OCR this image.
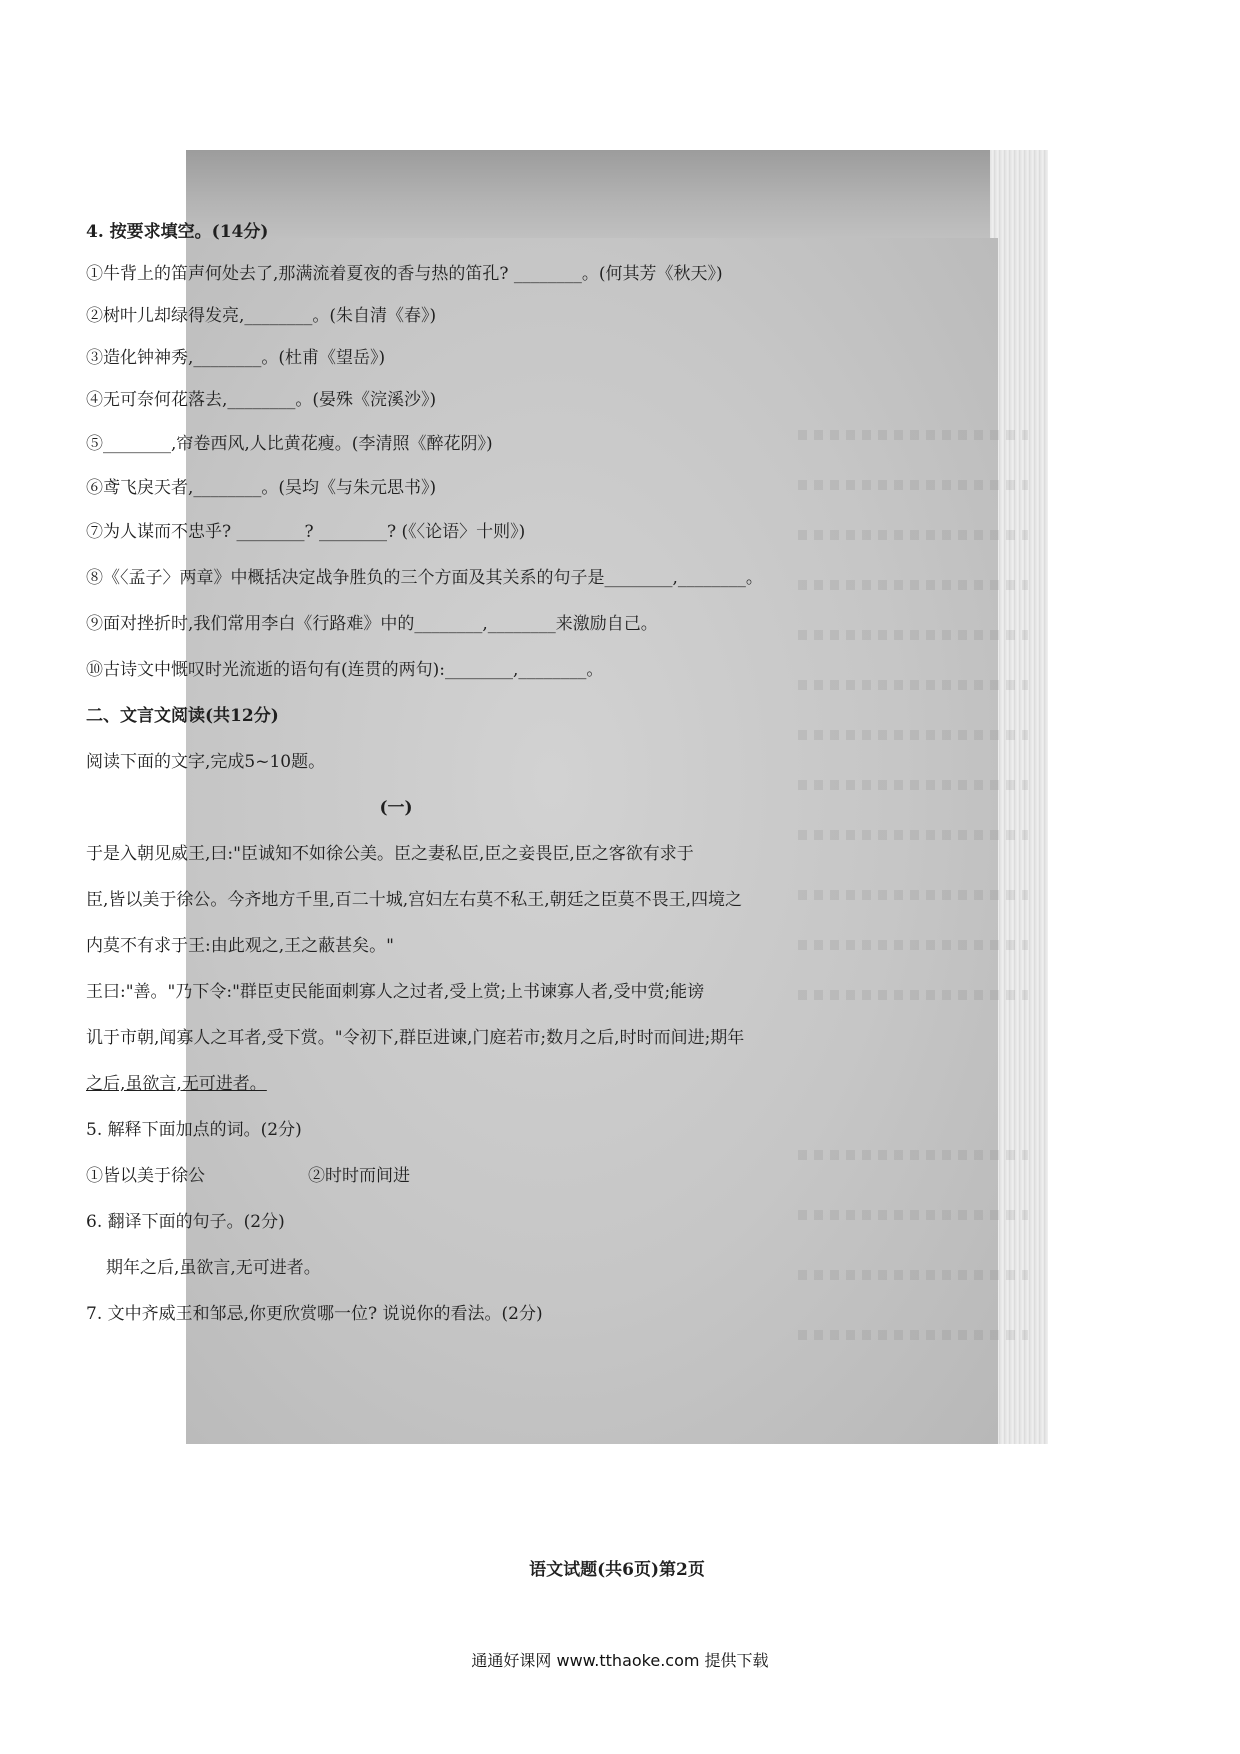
语文试题(共6页)第2页
4. 按要求填空。(14分)
①牛背上的笛声何处去了,那满流着夏夜的香与热的笛孔? ________。(何其芳《秋天》)
②树叶儿却绿得发亮,________。(朱自清《春》)
③造化钟神秀,________。(杜甫《望岳》)
④无可奈何花落去,________。(晏殊《浣溪沙》)
⑤________,帘卷西风,人比黄花瘦。(李清照《醉花阴》)
⑥鸢飞戾天者,________。(吴均《与朱元思书》)
⑦为人谋而不忠乎? ________? ________? (《〈论语〉十则》)
⑧《〈孟子〉两章》中概括决定战争胜负的三个方面及其关系的句子是________,________。
⑨面对挫折时,我们常用李白《行路难》中的________,________来激励自己。
⑩古诗文中慨叹时光流逝的语句有(连贯的两句):________,________。
二、文言文阅读(共12分)
阅读下面的文字,完成5~10题。
(一)
于是入朝见威王,曰:"臣诚知不如徐公美。臣之妻私臣,臣之妾畏臣,臣之客欲有求于
臣,皆以美于徐公。今齐地方千里,百二十城,宫妇左右莫不私王,朝廷之臣莫不畏王,四境之
内莫不有求于王:由此观之,王之蔽甚矣。"
王曰:"善。"乃下令:"群臣吏民能面刺寡人之过者,受上赏;上书谏寡人者,受中赏;能谤
讥于市朝,闻寡人之耳者,受下赏。"令初下,群臣进谏,门庭若市;数月之后,时时而间进;期年
之后,虽欲言,无可进者。
5. 解释下面加点的词。(2分)
①皆以美于徐公	②时时而间进
6. 翻译下面的句子。(2分)
期年之后,虽欲言,无可进者。
7. 文中齐威王和邹忌,你更欣赏哪一位? 说说你的看法。(2分)
通通好课网 www.tthaoke.com 提供下载
